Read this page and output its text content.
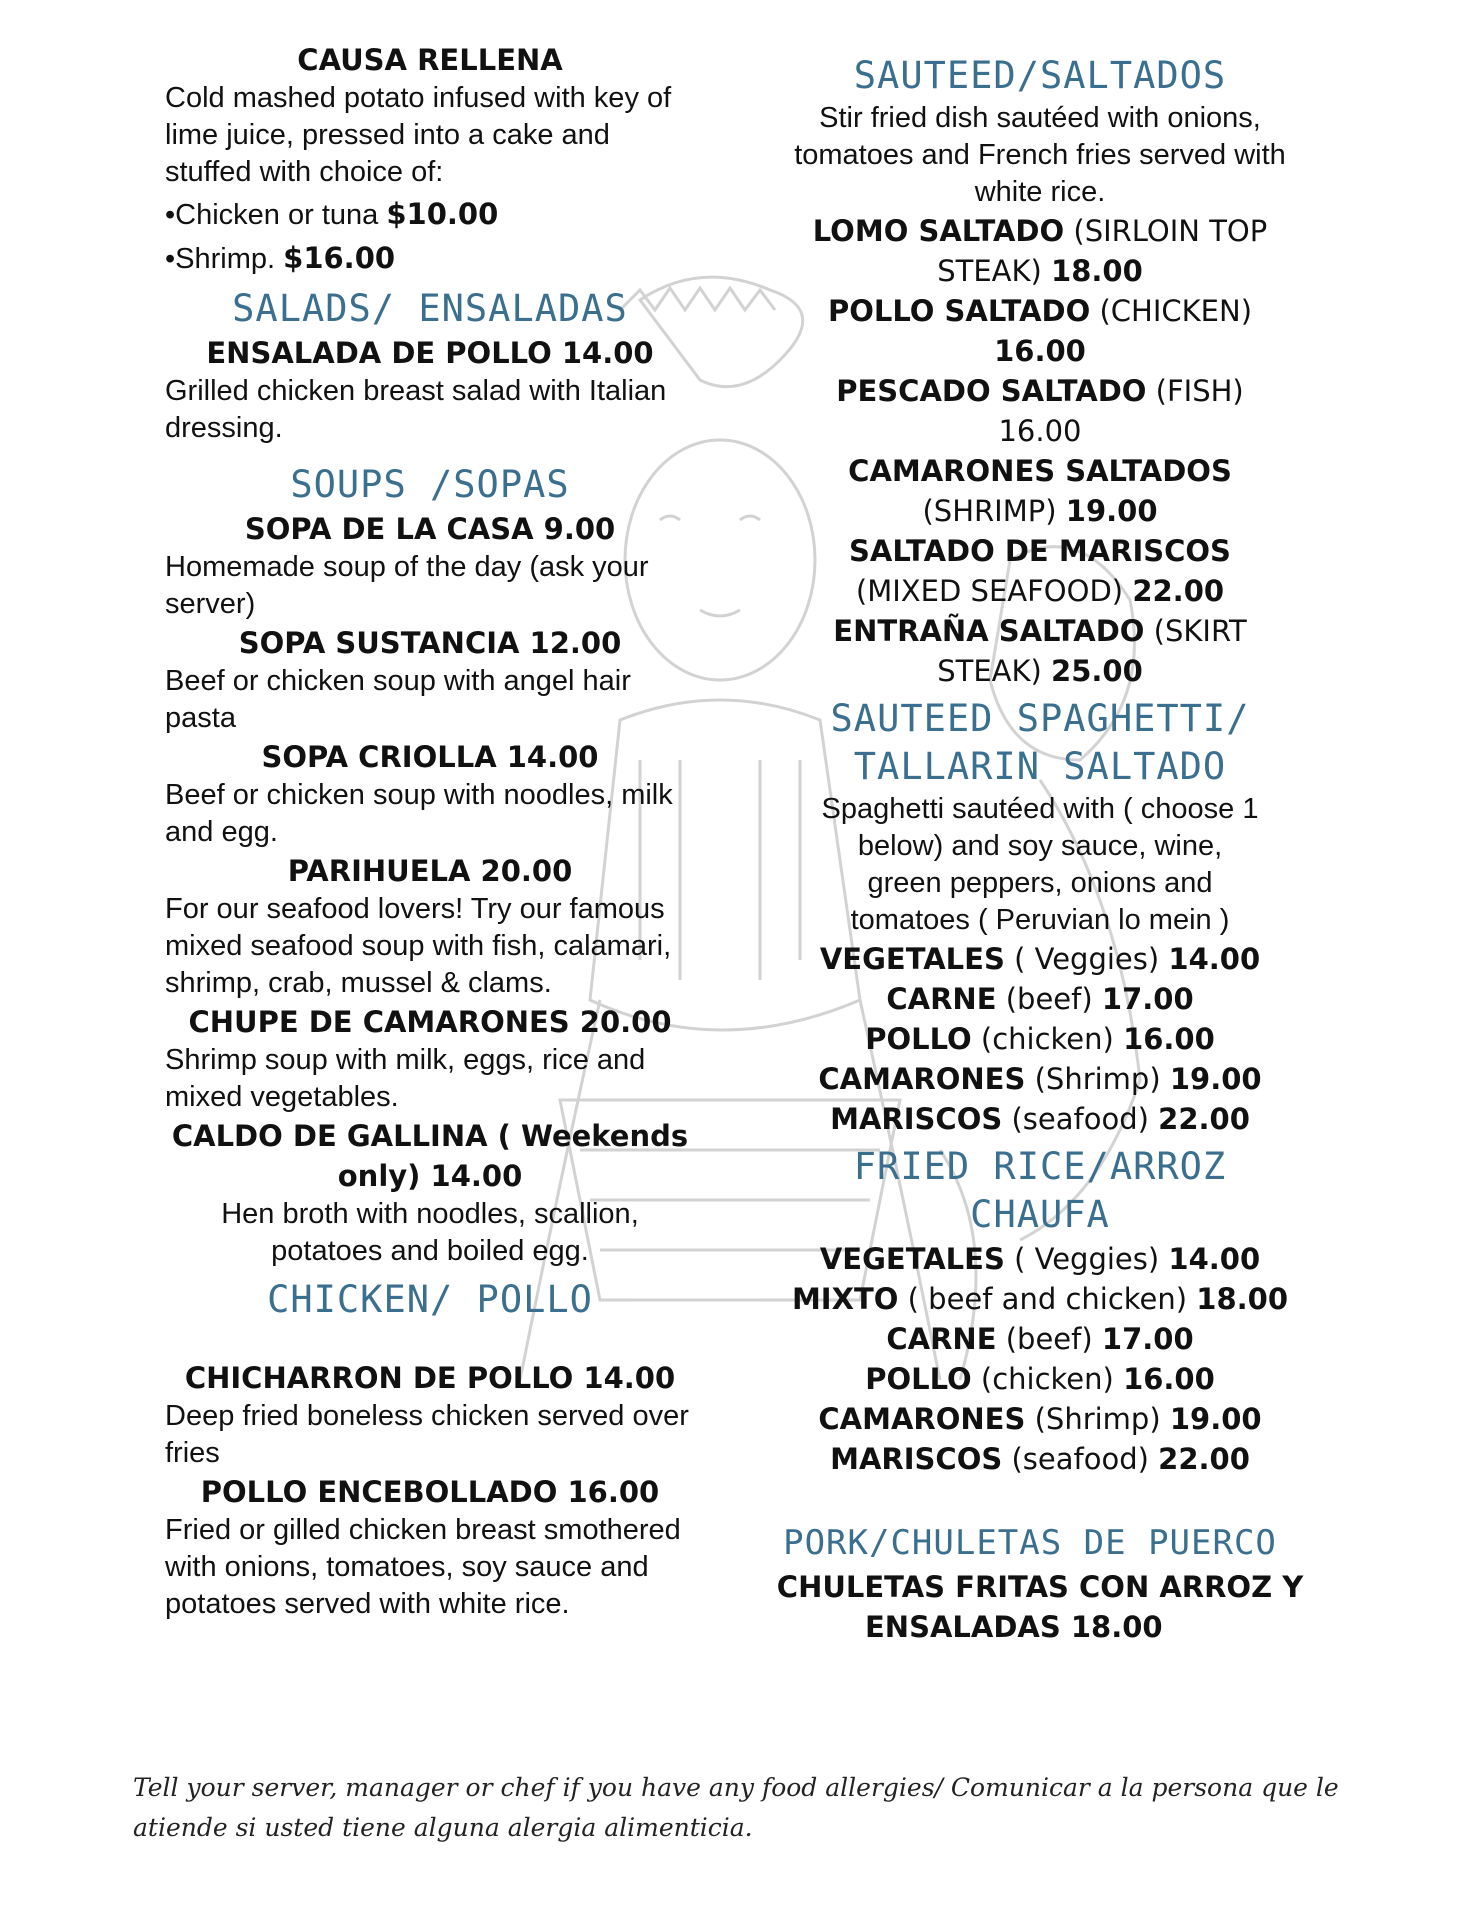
CAUSA RELLENA
Cold mashed potato infused with key of lime juice, pressed into a cake and stuffed with choice of:
•Chicken or tuna $10.00
•Shrimp. $16.00
SALADS/ ENSALADAS
ENSALADA DE POLLO 14.00
Grilled chicken breast salad with Italian dressing.
SOUPS /SOPAS
SOPA DE LA CASA 9.00
Homemade soup of the day (ask your server)
SOPA SUSTANCIA 12.00
Beef or chicken soup with angel hair pasta
SOPA CRIOLLA 14.00
Beef or chicken soup with noodles, milk and egg.
PARIHUELA 20.00
For our seafood lovers! Try our famous mixed seafood soup with fish, calamari, shrimp, crab, mussel & clams.
CHUPE DE CAMARONES 20.00
Shrimp soup with milk, eggs, rice and mixed vegetables.
CALDO DE GALLINA ( Weekends
only) 14.00
Hen broth with noodles, scallion, potatoes and boiled egg.
CHICKEN/ POLLO
CHICHARRON DE POLLO 14.00
Deep fried boneless chicken served over fries
POLLO ENCEBOLLADO 16.00
Fried or gilled chicken breast smothered with onions, tomatoes, soy sauce and potatoes served with white rice.
SAUTEED/SALTADOS
Stir fried dish sautéed with onions, tomatoes and French fries served with white rice.
LOMO SALTADO (SIRLOIN TOP STEAK) 18.00
POLLO SALTADO (CHICKEN) 16.00
PESCADO SALTADO (FISH) 16.00
CAMARONES SALTADOS (SHRIMP) 19.00
SALTADO DE MARISCOS (MIXED SEAFOOD) 22.00
ENTRAÑA SALTADO (SKIRT STEAK) 25.00
SAUTEED SPAGHETTI/
TALLARIN SALTADO
Spaghetti sautéed with ( choose 1 below) and soy sauce, wine, green peppers, onions and tomatoes ( Peruvian lo mein )
VEGETALES ( Veggies) 14.00
CARNE (beef) 17.00
POLLO (chicken) 16.00
CAMARONES (Shrimp) 19.00
MARISCOS (seafood) 22.00
FRIED RICE/ARROZ
CHAUFA
VEGETALES ( Veggies) 14.00
MIXTO ( beef and chicken) 18.00
CARNE (beef) 17.00
POLLO (chicken) 16.00
CAMARONES (Shrimp) 19.00
MARISCOS (seafood) 22.00
PORK/CHULETAS DE PUERCO
CHULETAS FRITAS CON ARROZ Y
ENSALADAS 18.00
Tell your server, manager or chef if you have any food allergies/ Comunicar a la persona que le atiende si usted tiene alguna alergia alimenticia.
